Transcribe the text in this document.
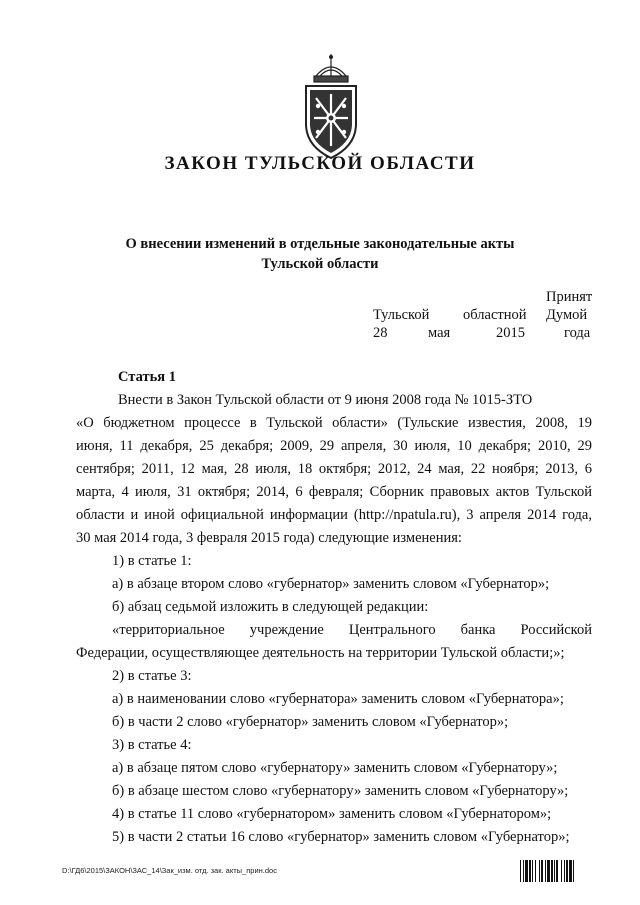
ЗАКОН ТУЛЬСКОЙ ОБЛАСТИ
О внесении изменений в отдельные законодательные акты
Тульской области
Принят
Тульской областной Думой
28	мая	2015	года
Статья 1
Внести в Закон Тульской области от 9 июня 2008 года № 1015-ЗТО
«О бюджетном процессе в Тульской области» (Тульские известия, 2008, 19
июня, 11 декабря, 25 декабря; 2009, 29 апреля, 30 июля, 10 декабря; 2010, 29
сентября; 2011, 12 мая, 28 июля, 18 октября; 2012, 24 мая, 22 ноября; 2013, 6
марта, 4 июля, 31 октября; 2014, 6 февраля; Сборник правовых актов Тульской
области и иной официальной информации (http://npatula.ru), 3 апреля 2014 года,
30 мая 2014 года, 3 февраля 2015 года) следующие изменения:
1) в статье 1:
а) в абзаце втором слово «губернатор» заменить словом «Губернатор»;
б) абзац седьмой изложить в следующей редакции:
«территориальное учреждение Центрального банка Российской
Федерации, осуществляющее деятельность на территории Тульской области;»;
2) в статье 3:
а) в наименовании слово «губернатора» заменить словом «Губернатора»;
б) в части 2 слово «губернатор» заменить словом «Губернатор»;
3) в статье 4:
а) в абзаце пятом слово «губернатору» заменить словом «Губернатору»;
б) в абзаце шестом слово «губернатору» заменить словом «Губернатору»;
4) в статье 11 слово «губернатором» заменить словом «Губернатором»;
5) в части 2 статьи 16 слово «губернатор» заменить словом «Губернатор»;
D:\ГД6\2015\ЗАКОН\ЗАС_14\Зак_изм. отд. зак. акты_прин.doc
